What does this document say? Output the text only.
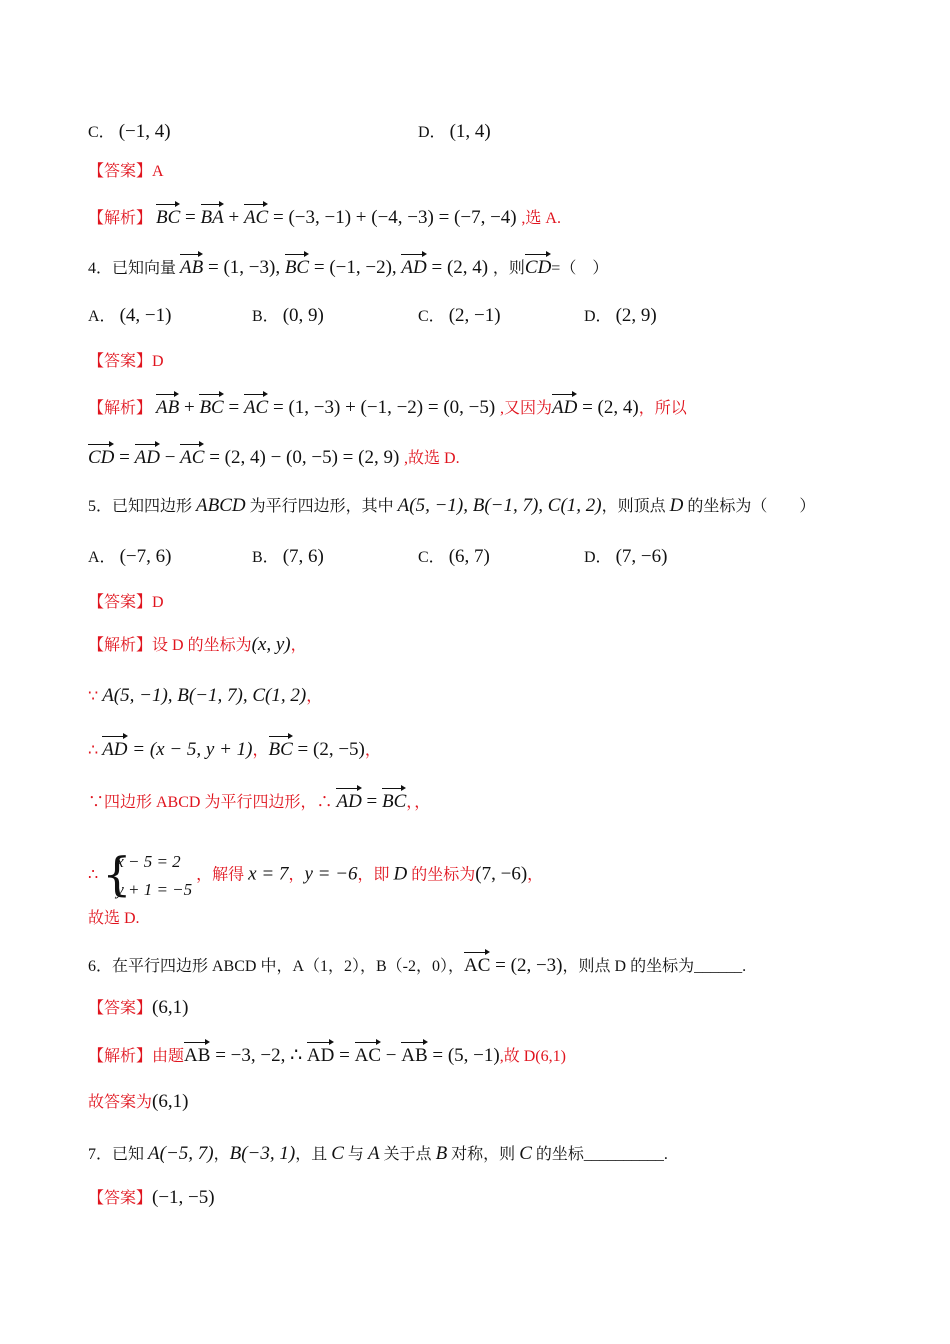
C． (−1, 4)	D． (1, 4)
【答案】A
【解析】 BC = BA + AC = (−3, −1) + (−4, −3) = (−7, −4) ,选 A.
4．已知向量 AB = (1, −3), BC = (−1, −2), AD = (2, 4) ，则CD=（　）
A． (4, −1)	B． (0, 9)	C． (2, −1)	D． (2, 9)
【答案】D
【解析】 AB + BC = AC = (1, −3) + (−1, −2) = (0, −5) ,又因为AD = (2, 4)，所以
CD = AD − AC = (2, 4) − (0, −5) = (2, 9) ,故选 D.
5．已知四边形 ABCD 为平行四边形，其中 A(5, −1), B(−1, 7), C(1, 2)，则顶点 D 的坐标为（　　）
A． (−7, 6)	B． (7, 6)	C． (6, 7)	D． (7, −6)
【答案】D
【解析】设 D 的坐标为(x, y)，
∵ A(5, −1), B(−1, 7), C(1, 2)，
∴ AD = (x − 5, y + 1)，BC = (2, −5)，
∵四边形 ABCD 为平行四边形，∴ AD = BC，，
∴ {
x − 5 = 2
y + 1 = −5
，解得 x = 7，y = −6，即 D 的坐标为(7, −6)，
故选 D.
6．在平行四边形 ABCD 中，A（1，2），B（-2，0），AC = (2, −3)，则点 D 的坐标为______.
【答案】(6,1)
【解析】由题AB = −3, −2, ∴ AD = AC − AB = (5, −1),故 D(6,1)
故答案为(6,1)
7．已知 A(−5, 7)，B(−3, 1)，且 C 与 A 关于点 B 对称，则 C 的坐标__________.
【答案】(−1, −5)
